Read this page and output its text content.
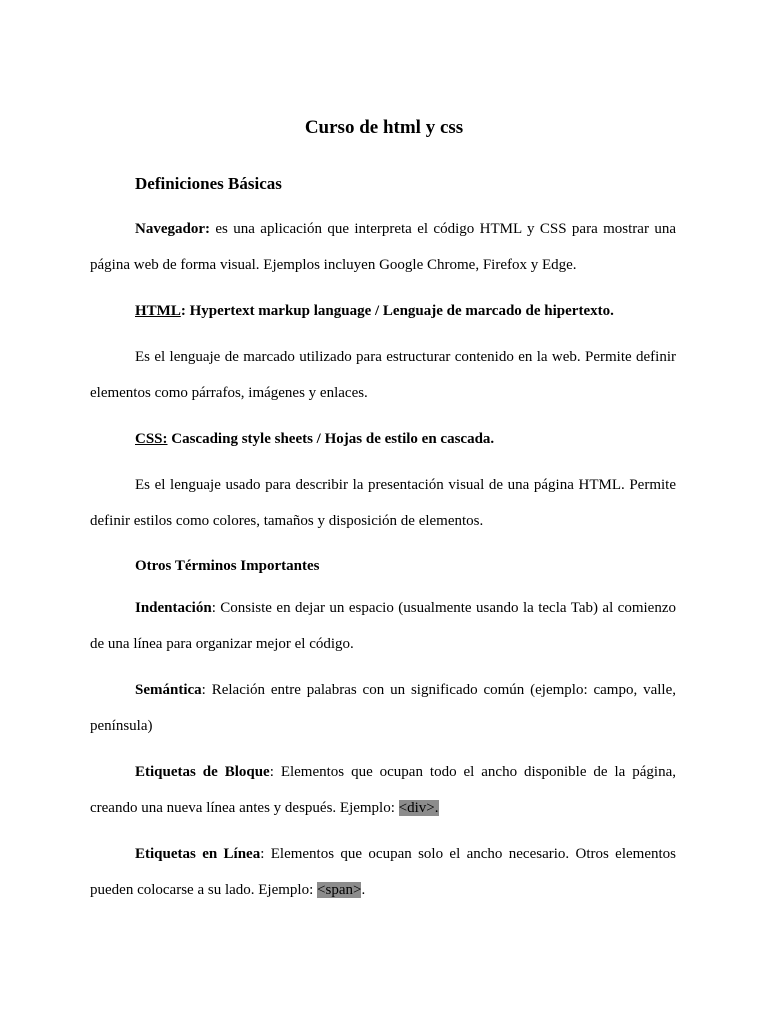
Curso de html y css
Definiciones Básicas

Navegador: es una aplicación que interpreta el código HTML y CSS para mostrar una página web de forma visual. Ejemplos incluyen Google Chrome, Firefox y Edge.

HTML: Hypertext markup language / Lenguaje de marcado de hipertexto.

Es el lenguaje de marcado utilizado para estructurar contenido en la web. Permite definir elementos como párrafos, imágenes y enlaces.

CSS: Cascading style sheets / Hojas de estilo en cascada.

Es el lenguaje usado para describir la presentación visual de una página HTML. Permite definir estilos como colores, tamaños y disposición de elementos.

Otros Términos Importantes

Indentación: Consiste en dejar un espacio (usualmente usando la tecla Tab) al comienzo de una línea para organizar mejor el código.

Semántica: Relación entre palabras con un significado común (ejemplo: campo, valle, península)

Etiquetas de Bloque: Elementos que ocupan todo el ancho disponible de la página, creando una nueva línea antes y después. Ejemplo: <div>.

Etiquetas en Línea: Elementos que ocupan solo el ancho necesario. Otros elementos pueden colocarse a su lado. Ejemplo: <span>.
